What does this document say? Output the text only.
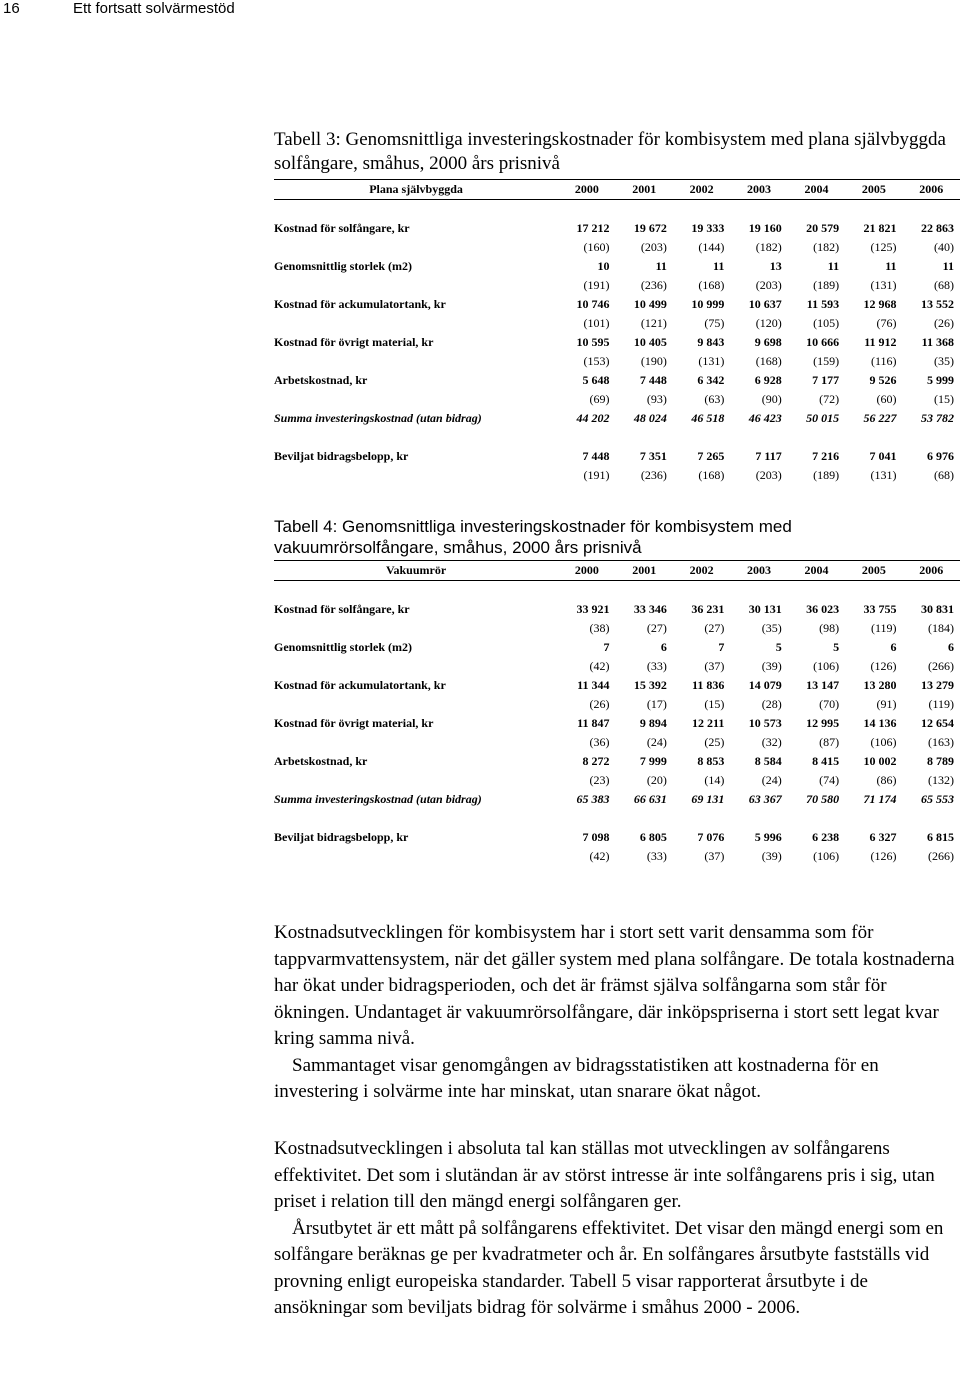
16	Ett fortsatt solvärmestöd
Tabell 3: Genomsnittliga investeringskostnader för kombisystem med plana självbyggda solfångare, småhus, 2000 års prisnivå
Plana självbyggda	2000	2001	2002	2003	2004	2005	2006

Kostnad för solfångare, kr	17 212	19 672	19 333	19 160	20 579	21 821	22 863
	(160)	(203)	(144)	(182)	(182)	(125)	(40)
Genomsnittlig storlek (m2)	10	11	11	13	11	11	11
	(191)	(236)	(168)	(203)	(189)	(131)	(68)
Kostnad för ackumulatortank, kr	10 746	10 499	10 999	10 637	11 593	12 968	13 552
	(101)	(121)	(75)	(120)	(105)	(76)	(26)
Kostnad för övrigt material, kr	10 595	10 405	9 843	9 698	10 666	11 912	11 368
	(153)	(190)	(131)	(168)	(159)	(116)	(35)
Arbetskostnad, kr	5 648	7 448	6 342	6 928	7 177	9 526	5 999
	(69)	(93)	(63)	(90)	(72)	(60)	(15)
Summa investeringskostnad (utan bidrag)	44 202	48 024	46 518	46 423	50 015	56 227	53 782

Beviljat bidragsbelopp, kr	7 448	7 351	7 265	7 117	7 216	7 041	6 976
	(191)	(236)	(168)	(203)	(189)	(131)	(68)
Tabell 4: Genomsnittliga investeringskostnader för kombisystem med vakuumrörsolfångare, småhus, 2000 års prisnivå
Vakuumrör	2000	2001	2002	2003	2004	2005	2006

Kostnad för solfångare, kr	33 921	33 346	36 231	30 131	36 023	33 755	30 831
	(38)	(27)	(27)	(35)	(98)	(119)	(184)
Genomsnittlig storlek (m2)	7	6	7	5	5	6	6
	(42)	(33)	(37)	(39)	(106)	(126)	(266)
Kostnad för ackumulatortank, kr	11 344	15 392	11 836	14 079	13 147	13 280	13 279
	(26)	(17)	(15)	(28)	(70)	(91)	(119)
Kostnad för övrigt material, kr	11 847	9 894	12 211	10 573	12 995	14 136	12 654
	(36)	(24)	(25)	(32)	(87)	(106)	(163)
Arbetskostnad, kr	8 272	7 999	8 853	8 584	8 415	10 002	8 789
	(23)	(20)	(14)	(24)	(74)	(86)	(132)
Summa investeringskostnad (utan bidrag)	65 383	66 631	69 131	63 367	70 580	71 174	65 553

Beviljat bidragsbelopp, kr	7 098	6 805	7 076	5 996	6 238	6 327	6 815
	(42)	(33)	(37)	(39)	(106)	(126)	(266)

Kostnadsutvecklingen för kombisystem har i stort sett varit densamma som för tappvarmvattensystem, när det gäller system med plana solfångare. De totala kostnaderna har ökat under bidragsperioden, och det är främst själva solfångarna som står för ökningen. Undantaget är vakuumrörsolfångare, där inköpspriserna i stort sett legat kvar kring samma nivå.

Sammantaget visar genomgången av bidragsstatistiken att kostnaderna för en investering i solvärme inte har minskat, utan snarare ökat något.

Kostnadsutvecklingen i absoluta tal kan ställas mot utvecklingen av solfångarens effektivitet. Det som i slutändan är av störst intresse är inte solfångarens pris i sig, utan priset i relation till den mängd energi solfångaren ger.

Årsutbytet är ett mått på solfångarens effektivitet. Det visar den mängd energi som en solfångare beräknas ge per kvadratmeter och år. En solfångares årsutbyte fastställs vid provning enligt europeiska standarder. Tabell 5 visar rapporterat årsutbyte i de ansökningar som beviljats bidrag för solvärme i småhus 2000 - 2006.
